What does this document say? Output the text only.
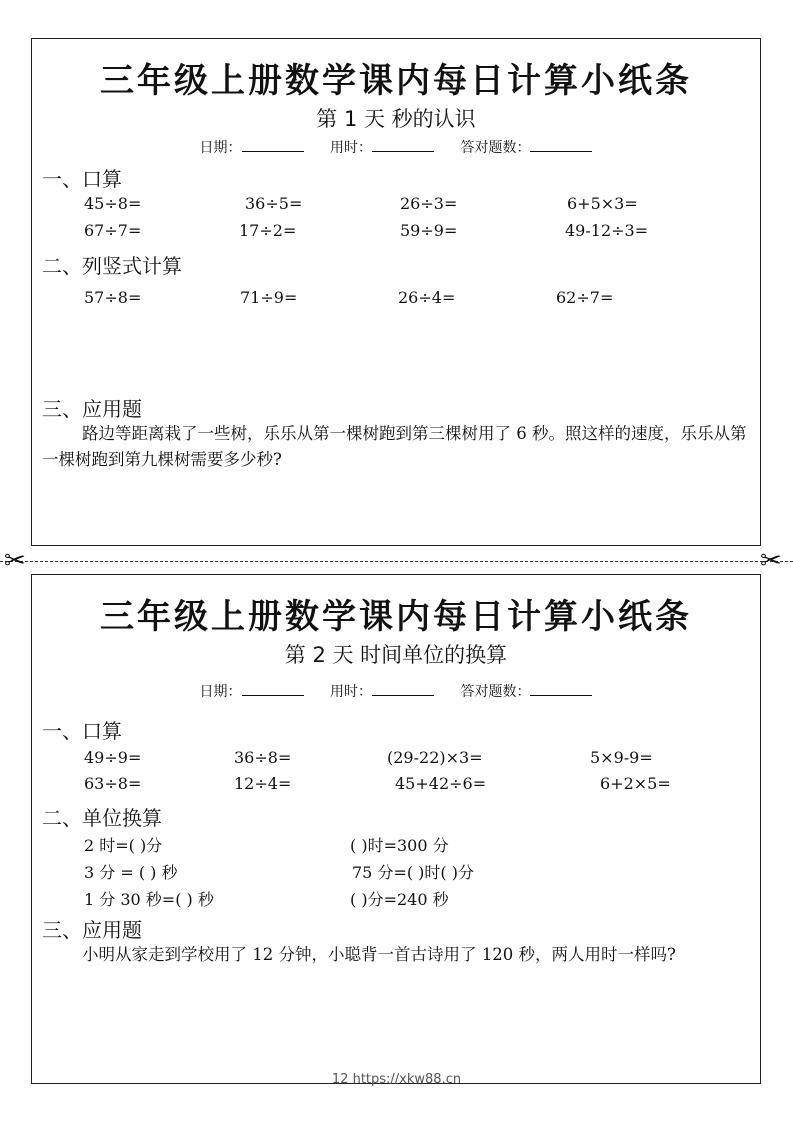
三年级上册数学课内每日计算小纸条
第 1 天 秒的认识
日期：	用时：	答对题数：
一、口算
45÷8=	36÷5=	26÷3=	6+5×3=
67÷7=	17÷2=	59÷9=	49-12÷3=
二、列竖式计算
57÷8=	71÷9=	26÷4=	62÷7=
三、应用题
路边等距离栽了一些树，乐乐从第一棵树跑到第三棵树用了 6 秒。照这样的速度，乐乐从第一棵树跑到第九棵树需要多少秒?
✂	✂
三年级上册数学课内每日计算小纸条
第 2 天 时间单位的换算
日期：	用时：	答对题数：
一、口算
49÷9=	36÷8=	(29-22)×3=	5×9-9=
63÷8=	12÷4=	45+42÷6=	6+2×5=
二、单位换算
2 时=( )分	( )时=300 分
3 分 = ( ) 秒	75 分=( )时( )分
1 分 30 秒=( ) 秒	( )分=240 秒
三、应用题
小明从家走到学校用了 12 分钟，小聪背一首古诗用了 120 秒，两人用时一样吗?
12 https://xkw88.cn
